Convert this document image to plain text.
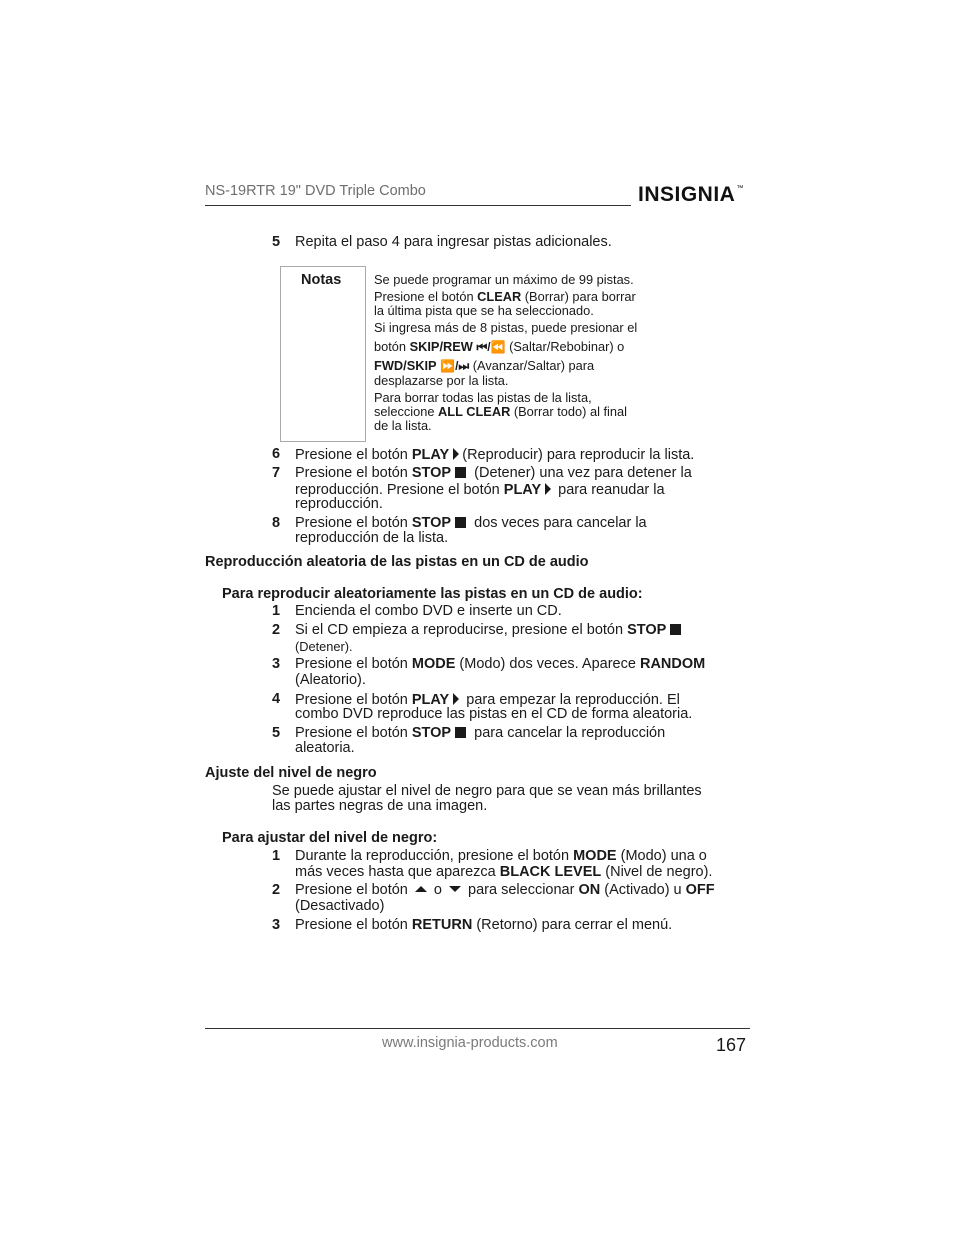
NS-19RTR 19" DVD Triple Combo	INSIGNIA™
5 Repita el paso 4 para ingresar pistas adicionales.
Notas	Se puede programar un máximo de 99 pistas.
Presione el botón CLEAR (Borrar) para borrar
la última pista que se ha seleccionado.
Si ingresa más de 8 pistas, puede presionar el
botón SKIP/REW ⏮/⏪ (Saltar/Rebobinar) o
FWD/SKIP ⏩/⏭ (Avanzar/Saltar) para
desplazarse por la lista.
Para borrar todas las pistas de la lista,
seleccione ALL CLEAR (Borrar todo) al final
de la lista.
6 Presione el botón PLAY (Reproducir) para reproducir la lista.
7 Presione el botón STOP (Detener) una vez para detener la
reproducción. Presione el botón PLAY para reanudar la
reproducción.
8 Presione el botón STOP dos veces para cancelar la
reproducción de la lista.
Reproducción aleatoria de las pistas en un CD de audio
Para reproducir aleatoriamente las pistas en un CD de audio:
1 Encienda el combo DVD e inserte un CD.
2 Si el CD empieza a reproducirse, presione el botón STOP
(Detener).
3 Presione el botón MODE (Modo) dos veces. Aparece RANDOM
(Aleatorio).
4 Presione el botón PLAY para empezar la reproducción. El
combo DVD reproduce las pistas en el CD de forma aleatoria.
5 Presione el botón STOP para cancelar la reproducción
aleatoria.
Ajuste del nivel de negro
Se puede ajustar el nivel de negro para que se vean más brillantes
las partes negras de una imagen.
Para ajustar del nivel de negro:
1 Durante la reproducción, presione el botón MODE (Modo) una o
más veces hasta que aparezca BLACK LEVEL (Nivel de negro).
2 Presione el botón  o  para seleccionar ON (Activado) u OFF
(Desactivado)
3 Presione el botón RETURN (Retorno) para cerrar el menú.
www.insignia-products.com	167
